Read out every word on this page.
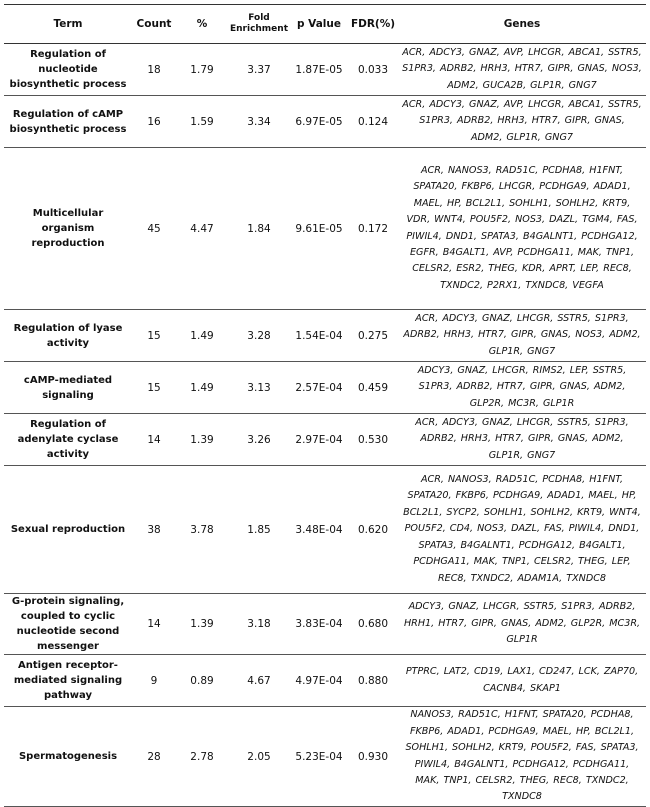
Term	Count	%	Fold Enrichment	p Value	FDR(%)	Genes
Regulation of nucleotide biosynthetic process	18	1.79	3.37	1.87E-05	0.033	ACR, ADCY3, GNAZ, AVP, LHCGR, ABCA1, SSTR5, S1PR3, ADRB2, HRH3, HTR7, GIPR, GNAS, NOS3, ADM2, GUCA2B, GLP1R, GNG7
Regulation of cAMP biosynthetic process	16	1.59	3.34	6.97E-05	0.124	ACR, ADCY3, GNAZ, AVP, LHCGR, ABCA1, SSTR5, S1PR3, ADRB2, HRH3, HTR7, GIPR, GNAS, ADM2, GLP1R, GNG7
Multicellular organism reproduction	45	4.47	1.84	9.61E-05	0.172	ACR, NANOS3, RAD51C, PCDHA8, H1FNT, SPATA20, FKBP6, LHCGR, PCDHGA9, ADAD1, MAEL, HP, BCL2L1, SOHLH1, SOHLH2, KRT9, VDR, WNT4, POU5F2, NOS3, DAZL, TGM4, FAS, PIWIL4, DND1, SPATA3, B4GALNT1, PCDHGA12, EGFR, B4GALT1, AVP, PCDHGA11, MAK, TNP1, CELSR2, ESR2, THEG, KDR, APRT, LEP, REC8, TXNDC2, P2RX1, TXNDC8, VEGFA
Regulation of lyase activity	15	1.49	3.28	1.54E-04	0.275	ACR, ADCY3, GNAZ, LHCGR, SSTR5, S1PR3, ADRB2, HRH3, HTR7, GIPR, GNAS, NOS3, ADM2, GLP1R, GNG7
cAMP-mediated signaling	15	1.49	3.13	2.57E-04	0.459	ADCY3, GNAZ, LHCGR, RIMS2, LEP, SSTR5, S1PR3, ADRB2, HTR7, GIPR, GNAS, ADM2, GLP2R, MC3R, GLP1R
Regulation of adenylate cyclase activity	14	1.39	3.26	2.97E-04	0.530	ACR, ADCY3, GNAZ, LHCGR, SSTR5, S1PR3, ADRB2, HRH3, HTR7, GIPR, GNAS, ADM2, GLP1R, GNG7
Sexual reproduction	38	3.78	1.85	3.48E-04	0.620	ACR, NANOS3, RAD51C, PCDHA8, H1FNT, SPATA20, FKBP6, PCDHGA9, ADAD1, MAEL, HP, BCL2L1, SYCP2, SOHLH1, SOHLH2, KRT9, WNT4, POU5F2, CD4, NOS3, DAZL, FAS, PIWIL4, DND1, SPATA3, B4GALNT1, PCDHGA12, B4GALT1, PCDHGA11, MAK, TNP1, CELSR2, THEG, LEP, REC8, TXNDC2, ADAM1A, TXNDC8
G-protein signaling, coupled to cyclic nucleotide second messenger	14	1.39	3.18	3.83E-04	0.680	ADCY3, GNAZ, LHCGR, SSTR5, S1PR3, ADRB2, HRH1, HTR7, GIPR, GNAS, ADM2, GLP2R, MC3R, GLP1R
Antigen receptor-mediated signaling pathway	9	0.89	4.67	4.97E-04	0.880	PTPRC, LAT2, CD19, LAX1, CD247, LCK, ZAP70, CACNB4, SKAP1
Spermatogenesis	28	2.78	2.05	5.23E-04	0.930	NANOS3, RAD51C, H1FNT, SPATA20, PCDHA8, FKBP6, ADAD1, PCDHGA9, MAEL, HP, BCL2L1, SOHLH1, SOHLH2, KRT9, POU5F2, FAS, SPATA3, PIWIL4, B4GALNT1, PCDHGA12, PCDHGA11, MAK, TNP1, CELSR2, THEG, REC8, TXNDC2, TXNDC8
